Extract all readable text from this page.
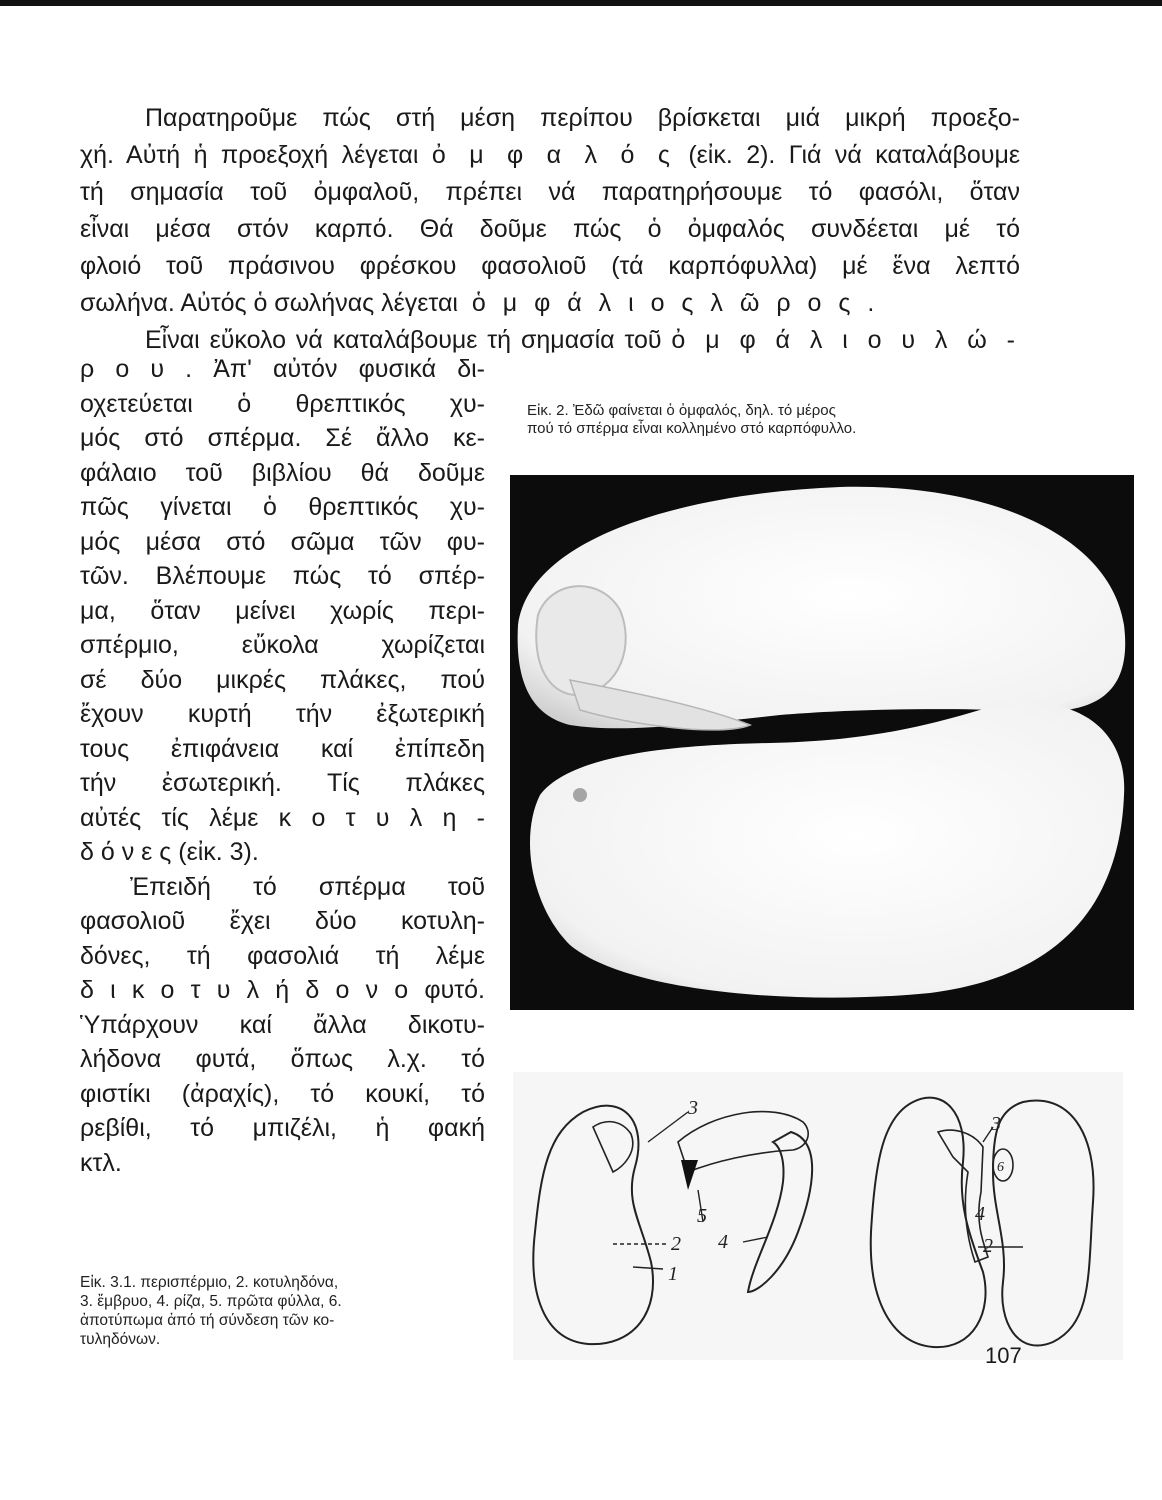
Παρατηροῦμε πώς στή μέση περίπου βρίσκεται μιά μικρή προεξο-
χή. Αὐτή ἡ προεξοχή λέγεται ὀ μ φ α λ ό ς (εἰκ. 2). Γιά νά καταλάβουμε
τή σημασία τοῦ ὀμφαλοῦ, πρέπει νά παρατηρήσουμε τό φασόλι, ὅταν
εἶναι μέσα στόν καρπό. Θά δοῦμε πώς ὁ ὀμφαλός συνδέεται μέ τό
φλοιό τοῦ πράσινου φρέσκου φασολιοῦ (τά καρπόφυλλα) μέ ἕνα λεπτό
σωλήνα. Αὐτός ὁ σωλήνας λέγεται ὁ μ φ ά λ ι ο ς λ ῶ ρ ο ς .
Εἶναι εὔκολο νά καταλάβουμε τή σημασία τοῦ ὀ μ φ ά λ ι ο υ λ ώ -
ρ ο υ . Ἀπ' αὐτόν φυσικά δι-
οχετεύεται ὁ θρεπτικός χυ-
μός στό σπέρμα. Σέ ἄλλο κε-
φάλαιο τοῦ βιβλίου θά δοῦμε
πῶς γίνεται ὁ θρεπτικός χυ-
μός μέσα στό σῶμα τῶν φυ-
τῶν. Βλέπουμε πώς τό σπέρ-
μα, ὅταν μείνει χωρίς περι-
σπέρμιο, εὔκολα χωρίζεται
σέ δύο μικρές πλάκες, πού
ἔχουν κυρτή τήν ἐξωτερική
τους ἐπιφάνεια καί ἐπίπεδη
τήν ἐσωτερική. Τίς πλάκες
αὐτές τίς λέμε κ ο τ υ λ η -
δ ό ν ε ς (εἰκ. 3).
Ἐπειδή τό σπέρμα τοῦ
φασολιοῦ ἔχει δύο κοτυλη-
δόνες, τή φασολιά τή λέμε
δ ι κ ο τ υ λ ή δ ο ν ο φυτό.
Ὑπάρχουν καί ἄλλα δικοτυ-
λήδονα φυτά, ὅπως λ.χ. τό
φιστίκι (ἀραχίς), τό κουκί, τό
ρεβίθι, τό μπιζέλι, ἡ φακή
κτλ.
Εἰκ. 2. Ἐδῶ φαίνεται ὁ ὀμφαλός, δηλ. τό μέρος
πού τό σπέρμα εἶναι κολλημένο στό καρπόφυλλο.
1
2
3
4
5
6
2
3
4
Εἰκ. 3.1. περισπέρμιο, 2. κοτυληδόνα,
3. ἔμβρυο, 4. ρίζα, 5. πρῶτα φύλλα, 6.
ἀποτύπωμα ἀπό τή σύνδεση τῶν κο-
τυληδόνων.
107
